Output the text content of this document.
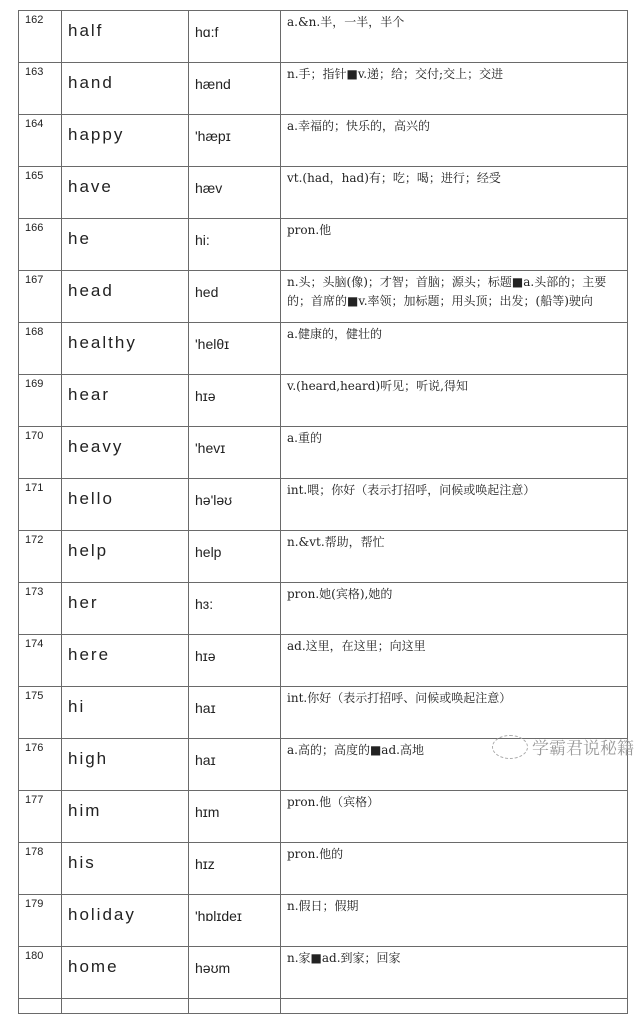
162	half	hɑ:f	a.&n.半，一半，半个
163	hand	hænd	n.手；指针■v.递；给；交付;交上；交进
164	happy	'hæpɪ	a.幸福的；快乐的，高兴的
165	have	hæv	vt.(had，had)有；吃；喝；进行；经受
166	he	hi:	pron.他
167	head	hed	n.头；头脑(像)；才智；首脑；源头；标题■a.头部的；主要的；首席的■v.率领；加标题；用头顶；出发；(船等)驶向
168	healthy	'helθɪ	a.健康的，健壮的
169	hear	hɪə	v.(heard,heard)听见；听说,得知
170	heavy	'hevɪ	a.重的
171	hello	hə'ləʊ	int.喂；你好（表示打招呼，问候或唤起注意）
172	help	help	n.&vt.帮助，帮忙
173	her	hɜ:	pron.她(宾格),她的
174	here	hɪə	ad.这里，在这里；向这里
175	hi	haɪ	int.你好（表示打招呼、问候或唤起注意）
176	high	haɪ	a.高的；高度的■ad.高地
177	him	hɪm	pron.他（宾格）
178	his	hɪz	pron.他的
179	holiday	'hɒlɪdeɪ	n.假日；假期
180	home	həʊm	n.家■ad.到家；回家

学霸君说秘籍
